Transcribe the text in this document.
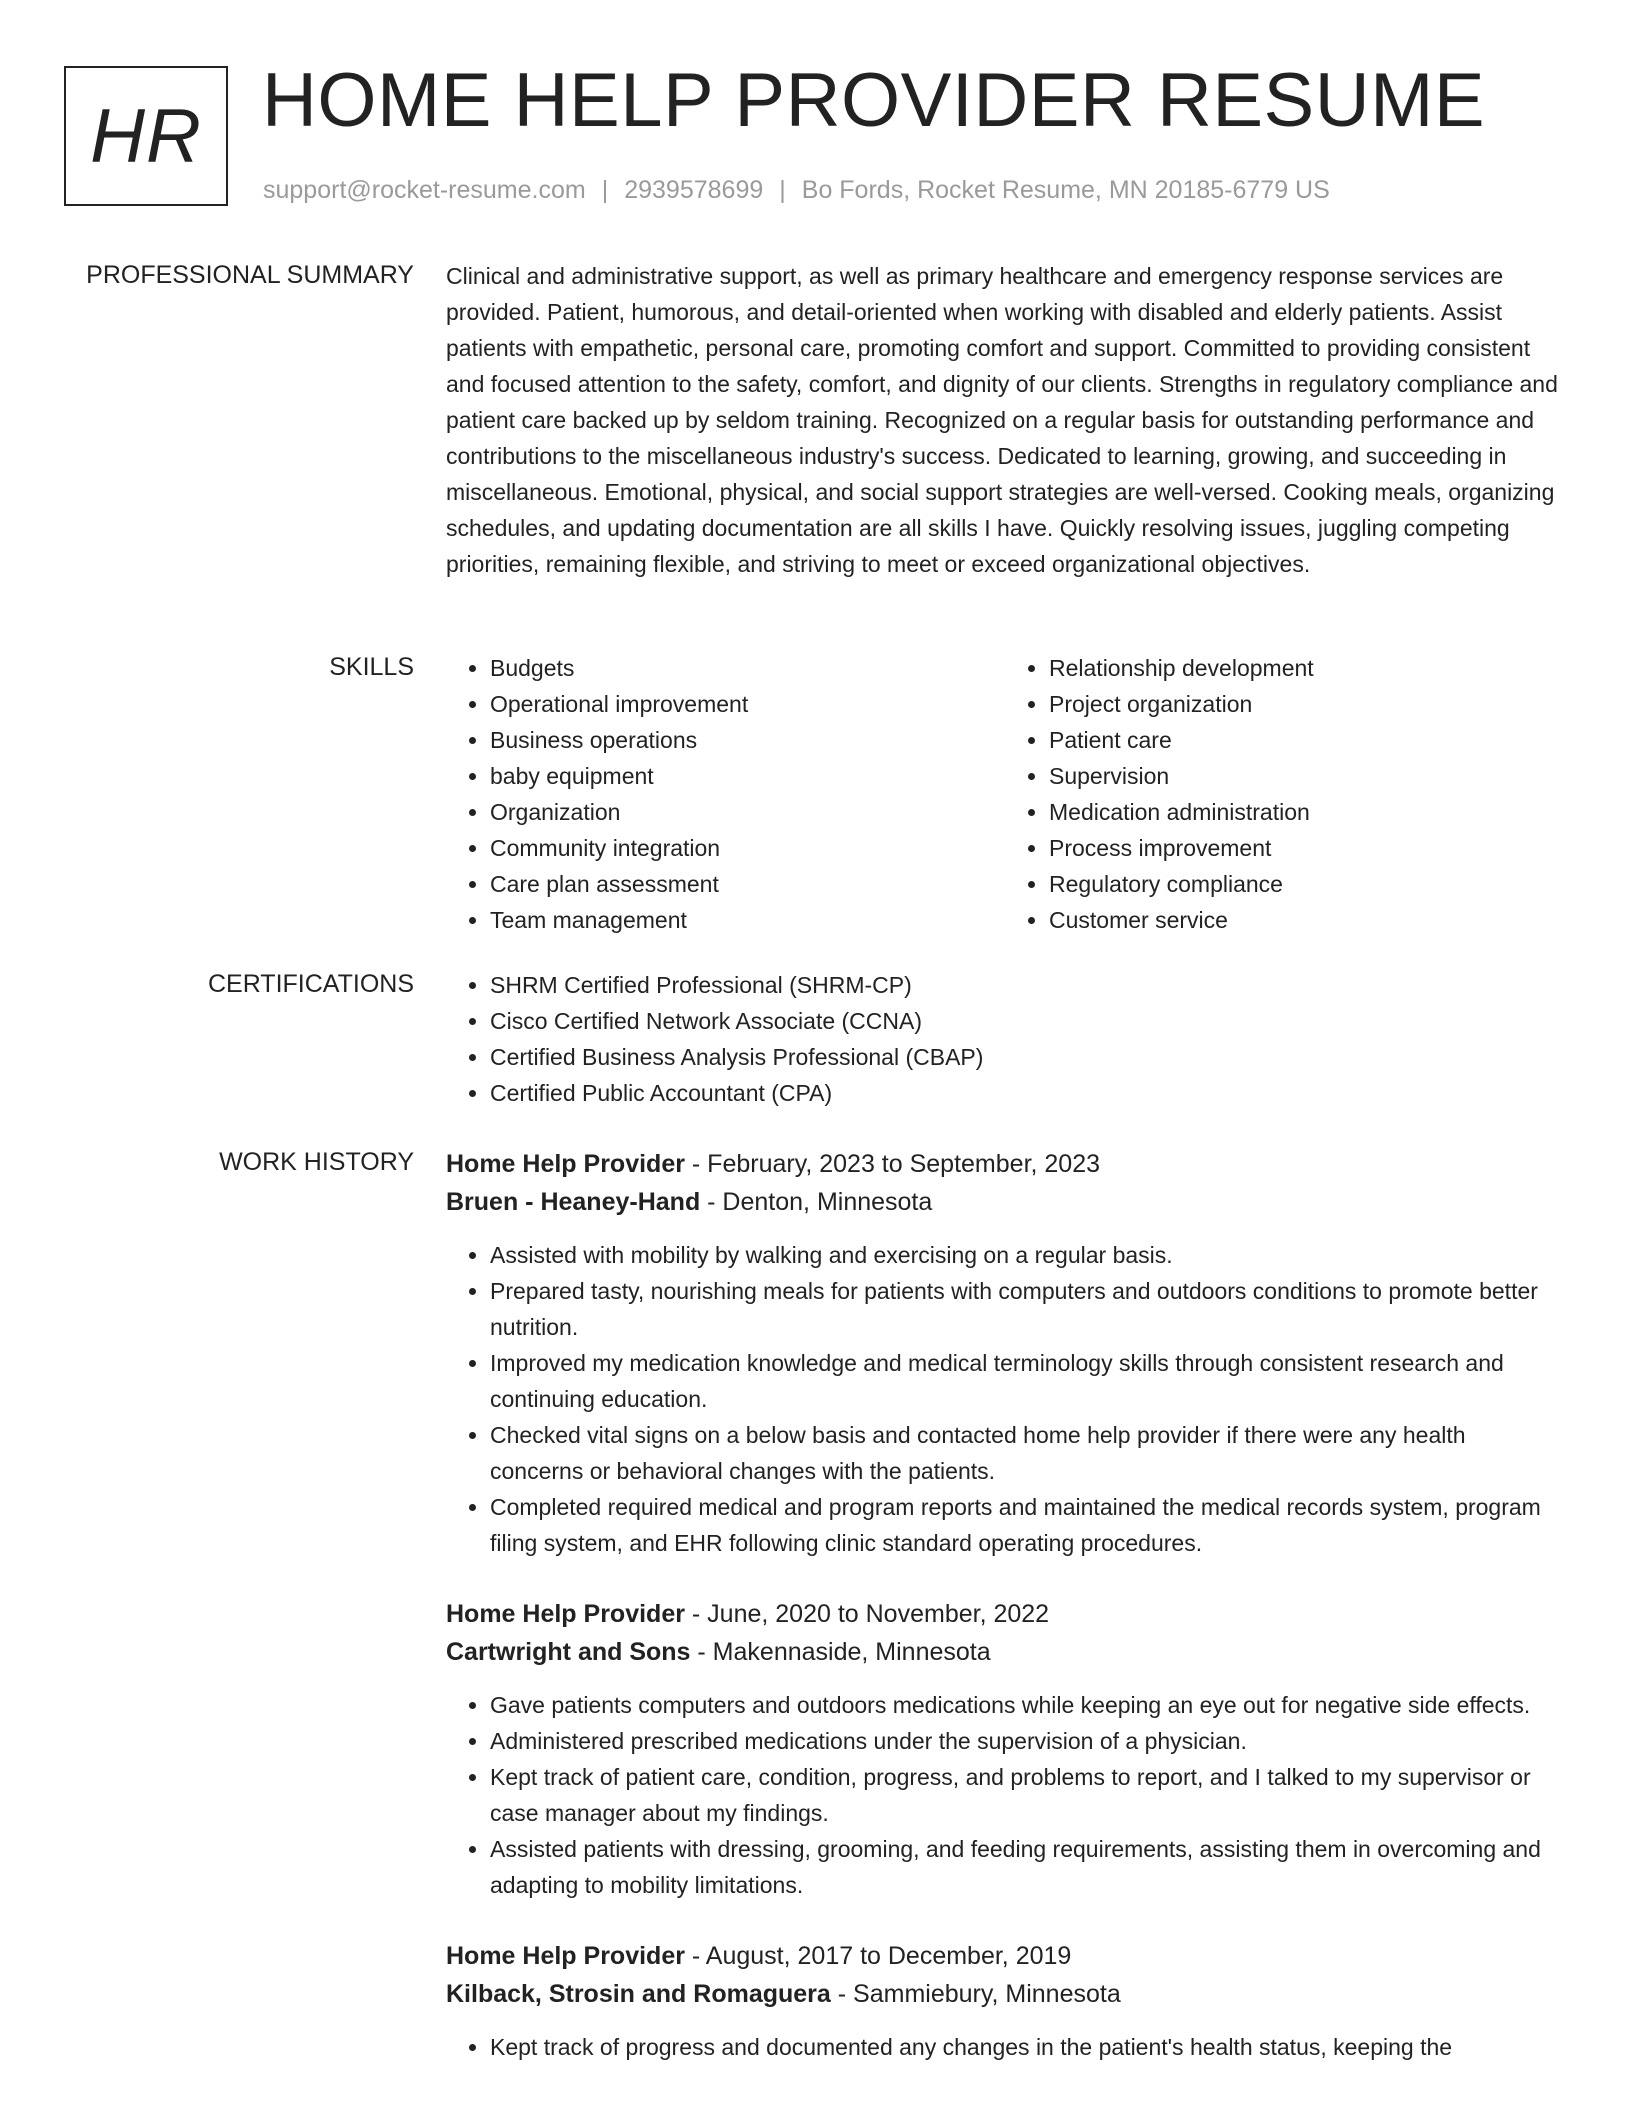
HR HOME HELP PROVIDER RESUME
support@rocket-resume.com | 2939578699 | Bo Fords, Rocket Resume, MN 20185-6779 US
PROFESSIONAL SUMMARY Clinical and administrative support, as well as primary healthcare and emergency response services are provided. Patient, humorous, and detail-oriented when working with disabled and elderly patients. Assist patients with empathetic, personal care, promoting comfort and support. Committed to providing consistent and focused attention to the safety, comfort, and dignity of our clients. Strengths in regulatory compliance and patient care backed up by seldom training. Recognized on a regular basis for outstanding performance and contributions to the miscellaneous industry's success. Dedicated to learning, growing, and succeeding in miscellaneous. Emotional, physical, and social support strategies are well-versed. Cooking meals, organizing schedules, and updating documentation are all skills I have. Quickly resolving issues, juggling competing priorities, remaining flexible, and striving to meet or exceed organizational objectives.

SKILLS	• Budgets
• Operational improvement
• Business operations
• baby equipment
• Organization
• Community integration
• Care plan assessment
• Team management
• Relationship development
• Project organization
• Patient care
• Supervision
• Medication administration
• Process improvement
• Regulatory compliance
• Customer service
CERTIFICATIONS	• SHRM Certified Professional (SHRM-CP)
• Cisco Certified Network Associate (CCNA)
• Certified Business Analysis Professional (CBAP)
• Certified Public Accountant (CPA)
WORK HISTORY Home Help Provider - February, 2023 to September, 2023
Bruen - Heaney-Hand - Denton, Minnesota
• Assisted with mobility by walking and exercising on a regular basis.
• Prepared tasty, nourishing meals for patients with computers and outdoors conditions to promote better nutrition.
• Improved my medication knowledge and medical terminology skills through consistent research and continuing education.
• Checked vital signs on a below basis and contacted home help provider if there were any health concerns or behavioral changes with the patients.
• Completed required medical and program reports and maintained the medical records system, program filing system, and EHR following clinic standard operating procedures.
Home Help Provider - June, 2020 to November, 2022
Cartwright and Sons - Makennaside, Minnesota
• Gave patients computers and outdoors medications while keeping an eye out for negative side effects.
• Administered prescribed medications under the supervision of a physician.
• Kept track of patient care, condition, progress, and problems to report, and I talked to my supervisor or case manager about my findings.
• Assisted patients with dressing, grooming, and feeding requirements, assisting them in overcoming and adapting to mobility limitations.
Home Help Provider - August, 2017 to December, 2019
Kilback, Strosin and Romaguera - Sammiebury, Minnesota
• Kept track of progress and documented any changes in the patient's health status, keeping the
